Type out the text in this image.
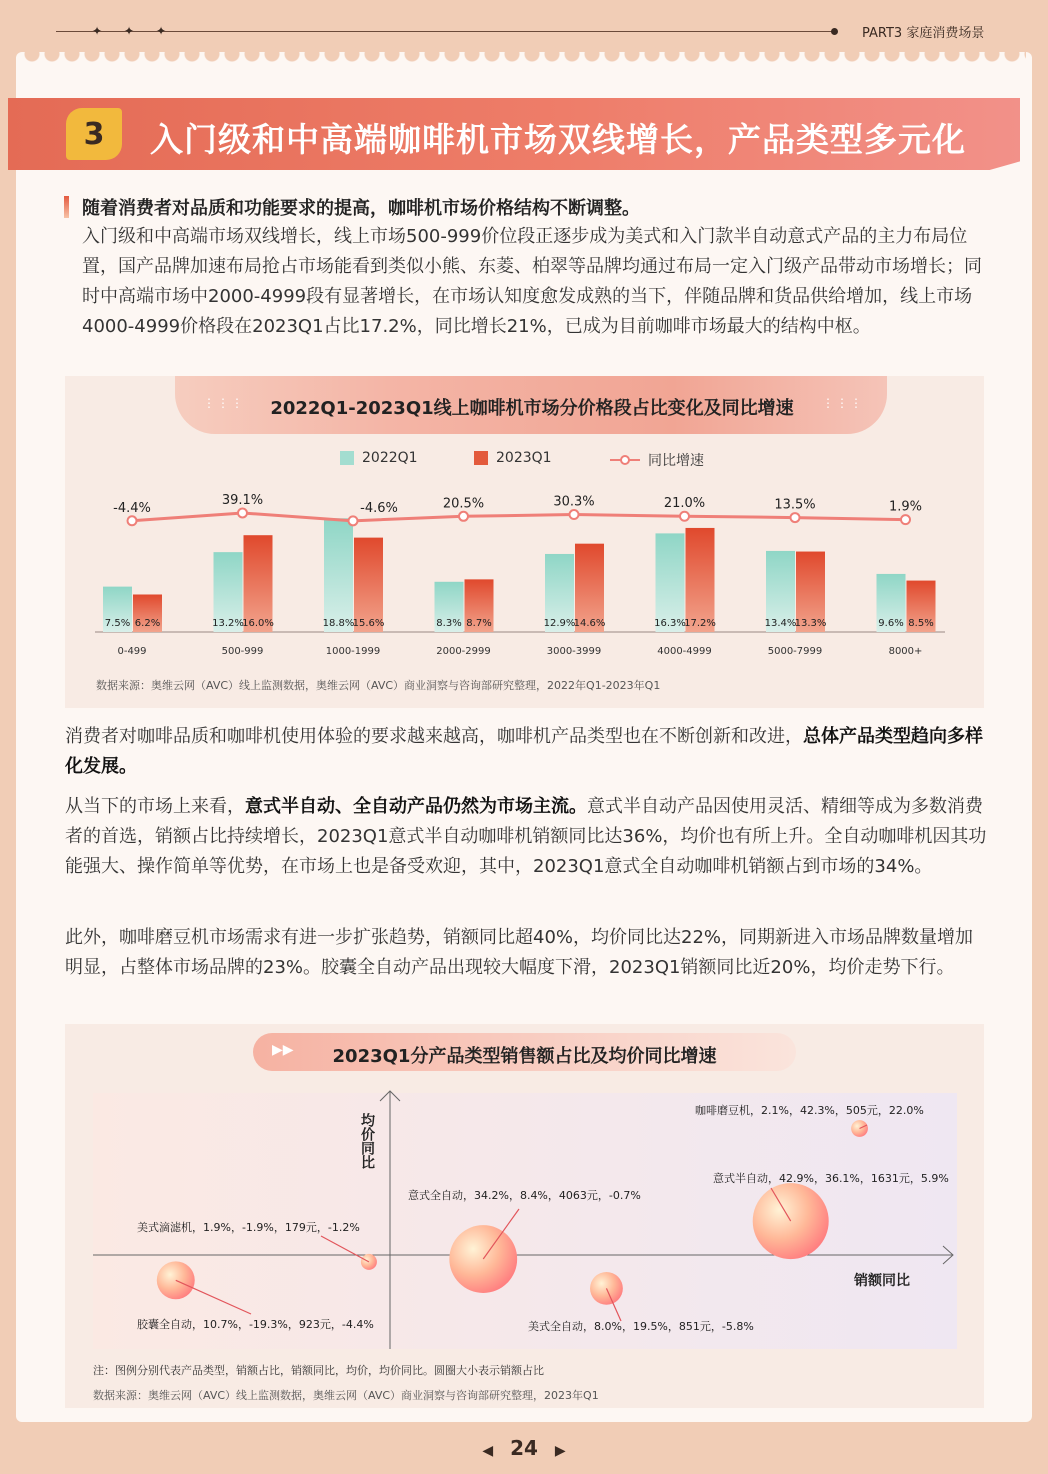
✦ ✦ ✦	PART3 家庭消费场景
3	入门级和中高端咖啡机市场双线增长，产品类型多元化
随着消费者对品质和功能要求的提高，咖啡机市场价格结构不断调整。
入门级和中高端市场双线增长，线上市场500-999价位段正逐步成为美式和入门款半自动意式产品的主力布局位置，国产品牌加速布局抢占市场能看到类似小熊、东菱、柏翠等品牌均通过布局一定入门级产品带动市场增长；同时中高端市场中2000-4999段有显著增长，在市场认知度愈发成熟的当下，伴随品牌和货品供给增加，线上市场4000-4999价格段在2023Q1占比17.2%，同比增长21%，已成为目前咖啡市场最大的结构中枢。
⋮⋮⋮	⋮⋮⋮
2022Q1-2023Q1线上咖啡机市场分价格段占比变化及同比增速
2022Q1	2023Q1	同比增速
7.5% 6.2%
0-499
13.2%
16.0%
500-999
18.8%
15.6%
1000-1999
8.3% 8.7%
2000-2999
12.9%
14.6%
3000-3999
16.3%
17.2%
4000-4999
13.4%
13.3%
5000-7999
9.6% 8.5%
8000+
-4.4%
39.1%
-4.6%	20.5%	30.3%	21.0%	13.5%	1.9%
数据来源：奥维云网（AVC）线上监测数据，奥维云网（AVC）商业洞察与咨询部研究整理，2022年Q1-2023年Q1
消费者对咖啡品质和咖啡机使用体验的要求越来越高，咖啡机产品类型也在不断创新和改进，总体产品类型趋向多样化发展。
从当下的市场上来看，意式半自动、全自动产品仍然为市场主流。意式半自动产品因使用灵活、精细等成为多数消费者的首选，销额占比持续增长，2023Q1意式半自动咖啡机销额同比达36%，均价也有所上升。全自动咖啡机因其功能强大、操作简单等优势，在市场上也是备受欢迎，其中，2023Q1意式全自动咖啡机销额占到市场的34%。
此外，咖啡磨豆机市场需求有进一步扩张趋势，销额同比超40%，均价同比达22%，同期新进入市场品牌数量增加明显，占整体市场品牌的23%。胶囊全自动产品出现较大幅度下滑，2023Q1销额同比近20%，均价走势下行。
▶▶	2023Q1分产品类型销售额占比及均价同比增速
销额同比
均价同比
咖啡磨豆机，2.1%，42.3%，505元，22.0%
意式半自动，42.9%，36.1%，1631元，5.9%
意式全自动，34.2%，8.4%，4063元，-0.7%
美式滴滤机，1.9%，-1.9%，179元，-1.2%
美式全自动，8.0%，19.5%，851元，-5.8%
胶囊全自动，10.7%，-19.3%，923元，-4.4%
注：图例分别代表产品类型，销额占比，销额同比，均价，均价同比。圆圈大小表示销额占比
数据来源：奥维云网（AVC）线上监测数据，奥维云网（AVC）商业洞察与咨询部研究整理，2023年Q1
◀ 24 ▶
